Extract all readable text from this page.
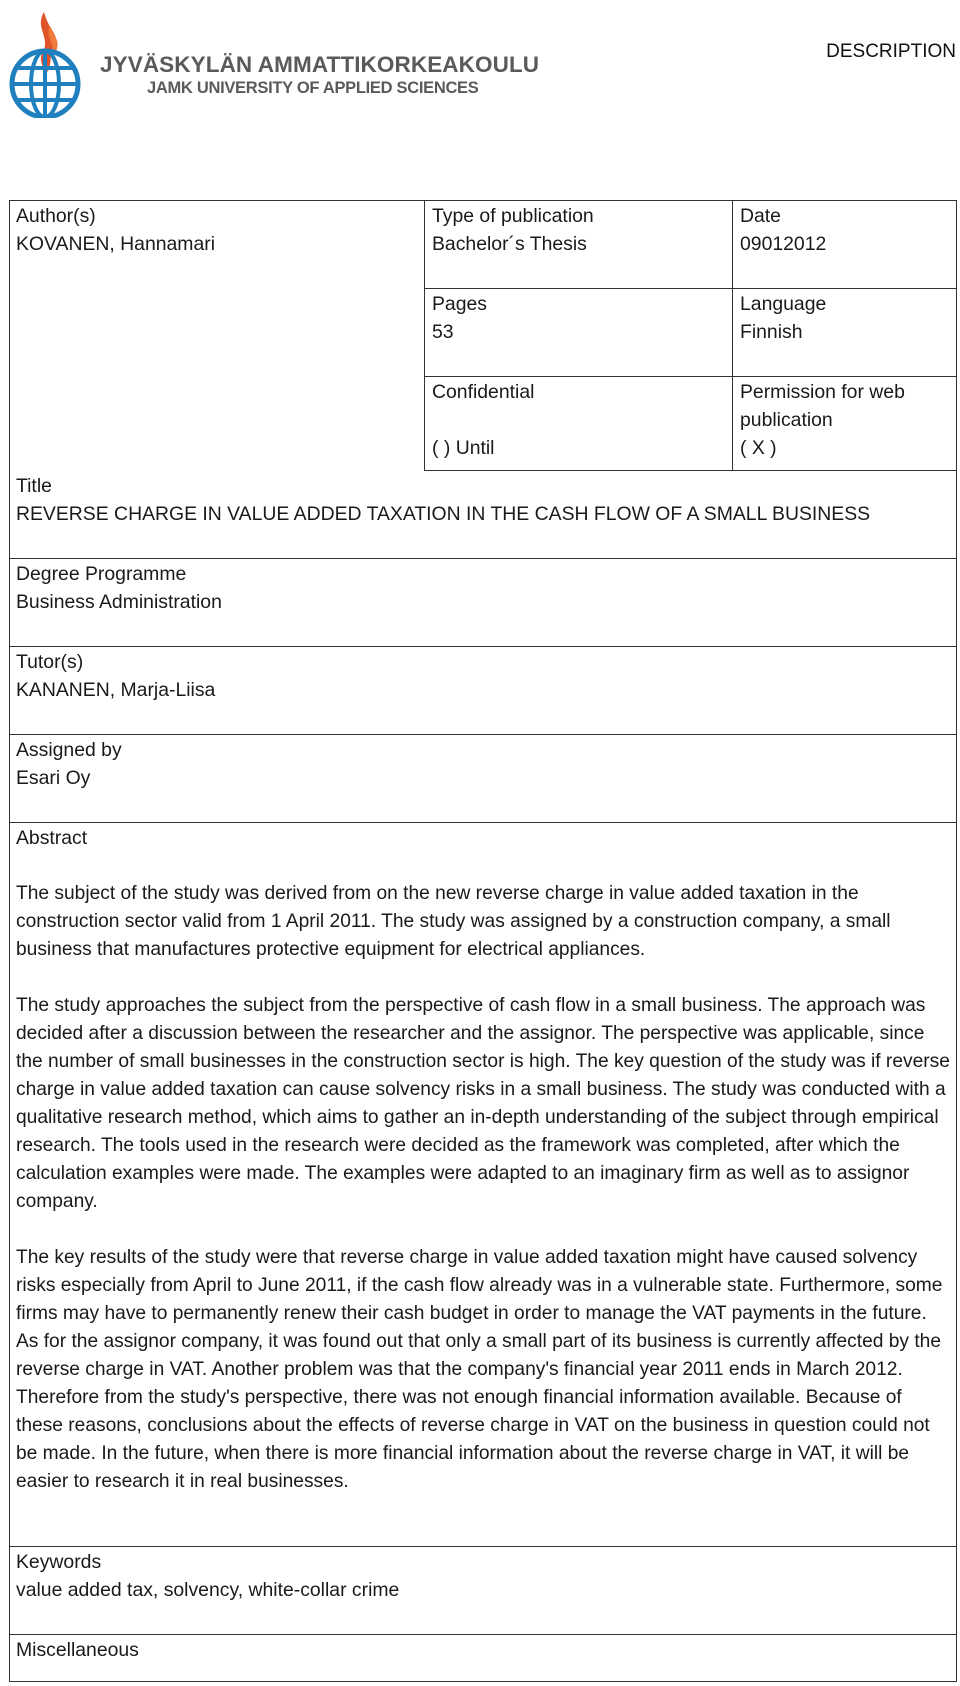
JYVÄSKYLÄN AMMATTIKORKEAKOULU
JAMK UNIVERSITY OF APPLIED SCIENCES
DESCRIPTION
Type of publication
Bachelor´s Thesis
Date
09012012
Pages
53
Language
Finnish
Confidential
( ) Until
Permission for web
publication
( X )
Author(s)
KOVANEN, Hannamari
Title
REVERSE CHARGE IN VALUE ADDED TAXATION IN THE CASH FLOW OF A SMALL BUSINESS
Degree Programme
Business Administration
Tutor(s)
KANANEN, Marja-Liisa
Assigned by
Esari Oy
Abstract

The subject of the study was derived from on the new reverse charge in value added taxation in the construction sector valid from 1 April 2011. The study was assigned by a construction company, a small business that manufactures protective equipment for electrical appliances.

The study approaches the subject from the perspective of cash flow in a small business. The approach was decided after a discussion between the researcher and the assignor. The perspective was applicable, since the number of small businesses in the construction sector is high. The key question of the study was if reverse charge in value added taxation can cause solvency risks in a small business. The study was conducted with a qualitative research method, which aims to gather an in-depth understanding of the subject through empirical research. The tools used in the research were decided as the framework was completed, after which the calculation examples were made. The examples were adapted to an imaginary firm as well as to assignor company.

The key results of the study were that reverse charge in value added taxation might have caused solvency risks especially from April to June 2011, if the cash flow already was in a vulnerable state. Furthermore, some firms may have to permanently renew their cash budget in order to manage the VAT payments in the future. As for the assignor company, it was found out that only a small part of its business is currently affected by the reverse charge in VAT. Another problem was that the company's financial year 2011 ends in March 2012. Therefore from the study's perspective, there was not enough financial information available. Because of these reasons, conclusions about the effects of reverse charge in VAT on the business in question could not be made. In the future, when there is more financial information about the reverse charge in VAT, it will be easier to research it in real businesses.

Keywords
value added tax, solvency, white-collar crime
Miscellaneous
